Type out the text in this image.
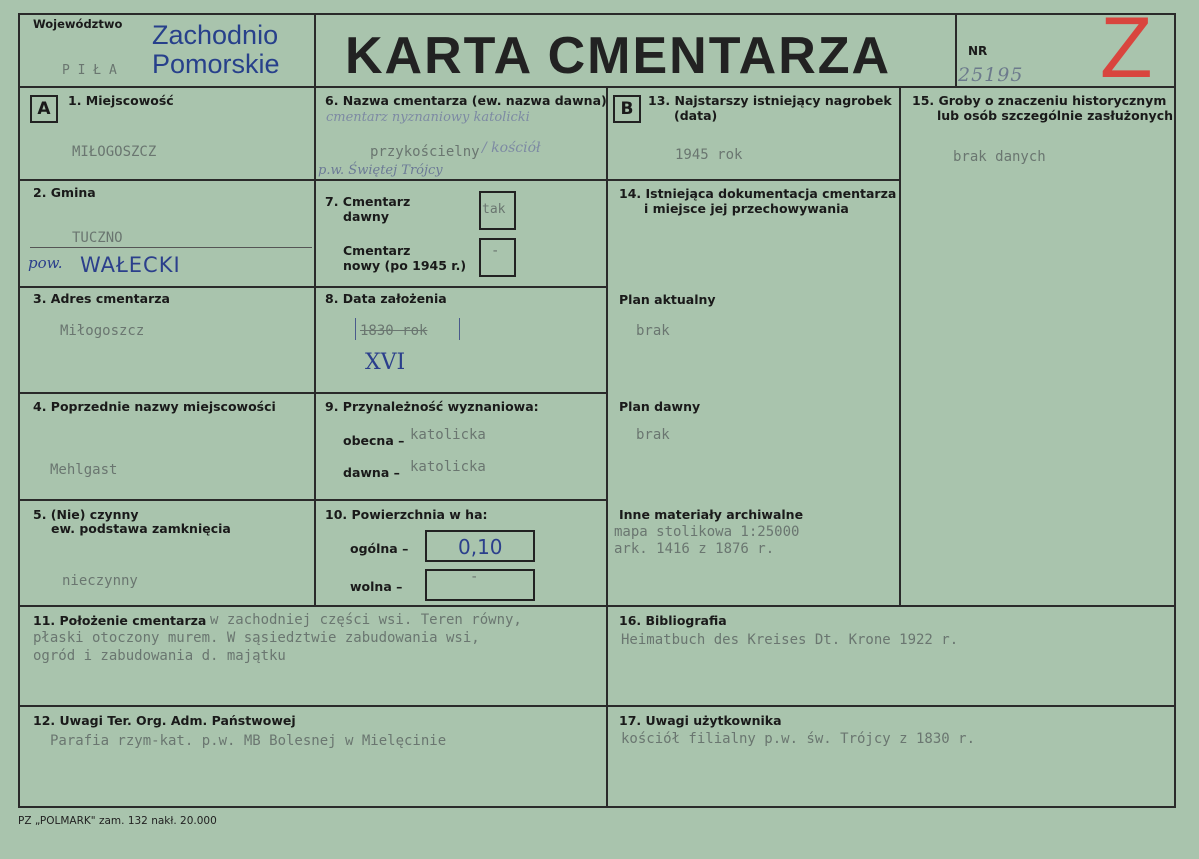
Województwo Zachodnio
Pomorskie
P I Ł A	KARTA CMENTARZA	NR
25195 Z
A	1. Miejscowość
MIŁOGOSZCZ
2. Gmina
TUCZNO
pow. WAŁECKI
3. Adres cmentarza
Miłogoszcz
4. Poprzednie nazwy miejscowości
Mehlgast
5. (Nie) czynny
ew. podstawa zamknięcia
nieczynny
6. Nazwa cmentarza (ew. nazwa dawna)
cmentarz nyznaniowy katolicki
przykościelny / kościół
p.w. Świętej Trójcy
7. Cmentarz
dawny	tak
Cmentarz
nowy (po 1945 r.)
-
8. Data założenia
1830 rok
XVI
9. Przynależność wyznaniowa:
obecna – katolicka
dawna – katolicka
10. Powierzchnia w ha:
ogólna – 0,10
wolna –
-
B	13. Najstarszy istniejący nagrobek
(data)
1945 rok
14. Istniejąca dokumentacja cmentarza
i miejsce jej przechowywania
Plan aktualny
brak
Plan dawny
brak
Inne materiały archiwalne
mapa stolikowa 1:25000
ark. 1416 z 1876 r.
15. Groby o znaczeniu historycznym
lub osób szczególnie zasłużonych
brak danych
11. Położenie cmentarza w zachodniej części wsi. Teren równy,
płaski otoczony murem. W sąsiedztwie zabudowania wsi,
ogród i zabudowania d. majątku
16. Bibliografia
Heimatbuch des Kreises Dt. Krone 1922 r.
12. Uwagi Ter. Org. Adm. Państwowej
Parafia rzym-kat. p.w. MB Bolesnej w Mielęcinie
17. Uwagi użytkownika
kościół filialny p.w. św. Trójcy z 1830 r.
PZ „POLMARK" zam. 132 nakł. 20.000
